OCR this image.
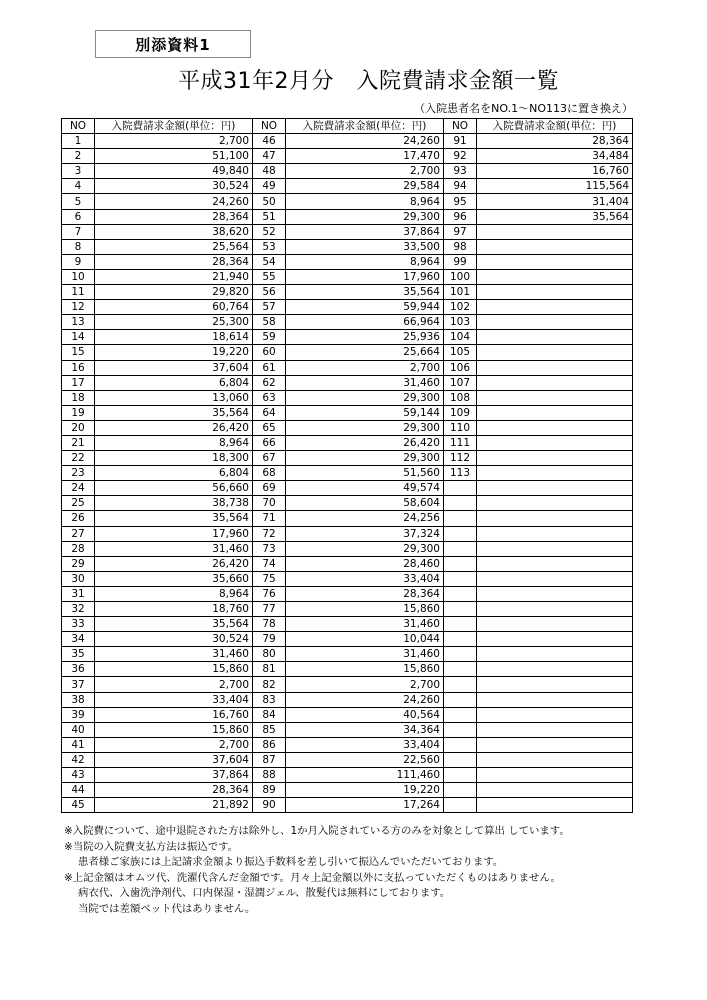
別添資料1
平成31年2月分　入院費請求金額一覧
（入院患者名をNO.1～NO113に置き換え）
NO	入院費請求金額(単位：円)	NO	入院費請求金額(単位：円)	NO	入院費請求金額(単位：円)
1	2,700	46	24,260	91	28,364
2	51,100	47	17,470	92	34,484
3	49,840	48	2,700	93	16,760
4	30,524	49	29,584	94	115,564
5	24,260	50	8,964	95	31,404
6	28,364	51	29,300	96	35,564
7	38,620	52	37,864	97	
8	25,564	53	33,500	98	
9	28,364	54	8,964	99	
10	21,940	55	17,960	100	
11	29,820	56	35,564	101	
12	60,764	57	59,944	102	
13	25,300	58	66,964	103	
14	18,614	59	25,936	104	
15	19,220	60	25,664	105	
16	37,604	61	2,700	106	
17	6,804	62	31,460	107	
18	13,060	63	29,300	108	
19	35,564	64	59,144	109	
20	26,420	65	29,300	110	
21	8,964	66	26,420	111	
22	18,300	67	29,300	112	
23	6,804	68	51,560	113	
24	56,660	69	49,574		
25	38,738	70	58,604		
26	35,564	71	24,256		
27	17,960	72	37,324		
28	31,460	73	29,300		
29	26,420	74	28,460		
30	35,660	75	33,404		
31	8,964	76	28,364		
32	18,760	77	15,860		
33	35,564	78	31,460		
34	30,524	79	10,044		
35	31,460	80	31,460		
36	15,860	81	15,860		
37	2,700	82	2,700		
38	33,404	83	24,260		
39	16,760	84	40,564		
40	15,860	85	34,364		
41	2,700	86	33,404		
42	37,604	87	22,560		
43	37,864	88	111,460		
44	28,364	89	19,220		
45	21,892	90	17,264		
※入院費について、途中退院された方は除外し、1か月入院されている方のみを対象として算出 しています。
※当院の入院費支払方法は振込です。
患者様ご家族には上記請求金額より振込手数料を差し引いて振込んでいただいております。
※上記金額はオムツ代、洗濯代含んだ金額です。月々上記金額以外に支払っていただくものはありません。
病衣代、入歯洗浄剤代、口内保湿・湿潤ジェル、散髪代は無料にしております。
当院では差額ベット代はありません。
